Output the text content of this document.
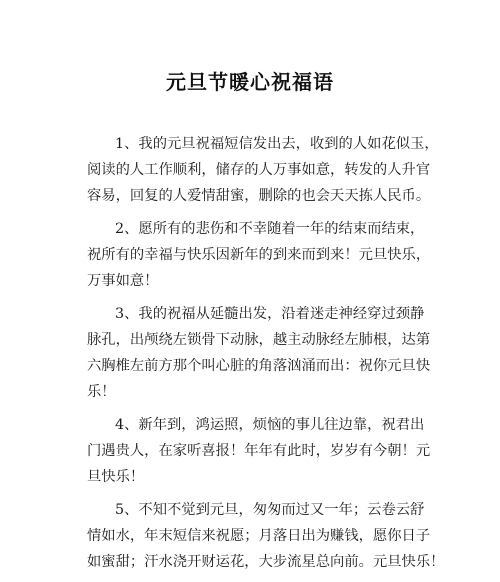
元旦节暖心祝福语

1、我的元旦祝福短信发出去，收到的人如花似玉，
阅读的人工作顺利，储存的人万事如意，转发的人升官
容易，回复的人爱情甜蜜，删除的也会天天拣人民币。

2、愿所有的悲伤和不幸随着一年的结束而结束，
祝所有的幸福与快乐因新年的到来而到来！元旦快乐，
万事如意！

3、我的祝福从延髓出发，沿着迷走神经穿过颈静
脉孔，出颅绕左锁骨下动脉，越主动脉经左肺根，达第
六胸椎左前方那个叫心脏的角落汹涌而出：祝你元旦快
乐！

4、新年到，鸿运照，烦恼的事儿往边靠，祝君出
门遇贵人，在家听喜报！年年有此时，岁岁有今朝！元
旦快乐！

5、不知不觉到元旦，匆匆而过又一年；云卷云舒
情如水，年末短信来祝愿；月落日出为赚钱，愿你日子
如蜜甜；汗水浇开财运花，大步流星总向前。元旦快乐！
